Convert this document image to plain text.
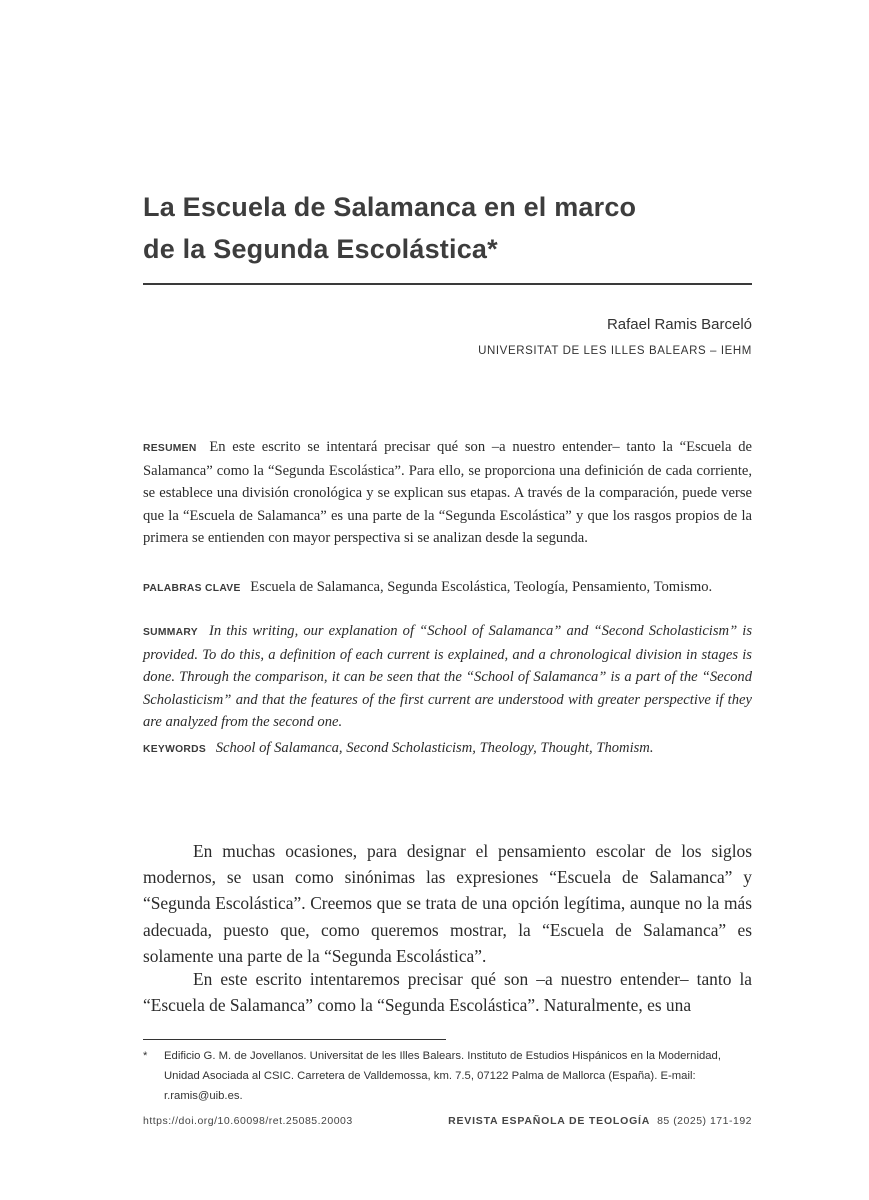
La Escuela de Salamanca en el marco
de la Segunda Escolástica*
Rafael Ramis Barceló
UNIVERSITAT DE LES ILLES BALEARS – IEHM

RESUMEN En este escrito se intentará precisar qué son –a nuestro entender– tanto la “Escuela de Salamanca” como la “Segunda Escolástica”. Para ello, se proporciona una definición de cada corriente, se establece una división cronológica y se explican sus etapas. A través de la comparación, puede verse que la “Escuela de Salamanca” es una parte de la “Segunda Escolástica” y que los rasgos propios de la primera se entienden con mayor perspectiva si se analizan desde la segunda.

PALABRAS CLAVE Escuela de Salamanca, Segunda Escolástica, Teología, Pensamiento, Tomismo.

SUMMARY In this writing, our explanation of “School of Salamanca” and “Second Scholasticism” is provided. To do this, a definition of each current is explained, and a chronological division in stages is done. Through the comparison, it can be seen that the “School of Salamanca” is a part of the “Second Scholasticism” and that the features of the first current are understood with greater perspective if they are analyzed from the second one.

KEYWORDS School of Salamanca, Second Scholasticism, Theology, Thought, Thomism.

En muchas ocasiones, para designar el pensamiento escolar de los siglos modernos, se usan como sinónimas las expresiones “Escuela de Salamanca” y “Segunda Escolástica”. Creemos que se trata de una opción legítima, aunque no la más adecuada, puesto que, como queremos mostrar, la “Escuela de Salamanca” es solamente una parte de la “Segunda Escolástica”.

En este escrito intentaremos precisar qué son –a nuestro entender– tanto la “Escuela de Salamanca” como la “Segunda Escolástica”. Naturalmente, es una

* Edificio G. M. de Jovellanos. Universitat de les Illes Balears. Instituto de Estudios Hispánicos en la Modernidad, Unidad Asociada al CSIC. Carretera de Valldemossa, km. 7.5, 07122 Palma de Mallorca (España). E-mail: r.ramis@uib.es.
https://doi.org/10.60098/ret.25085.20003	REVISTA ESPAÑOLA DE TEOLOGÍA 85 (2025) 171-192
